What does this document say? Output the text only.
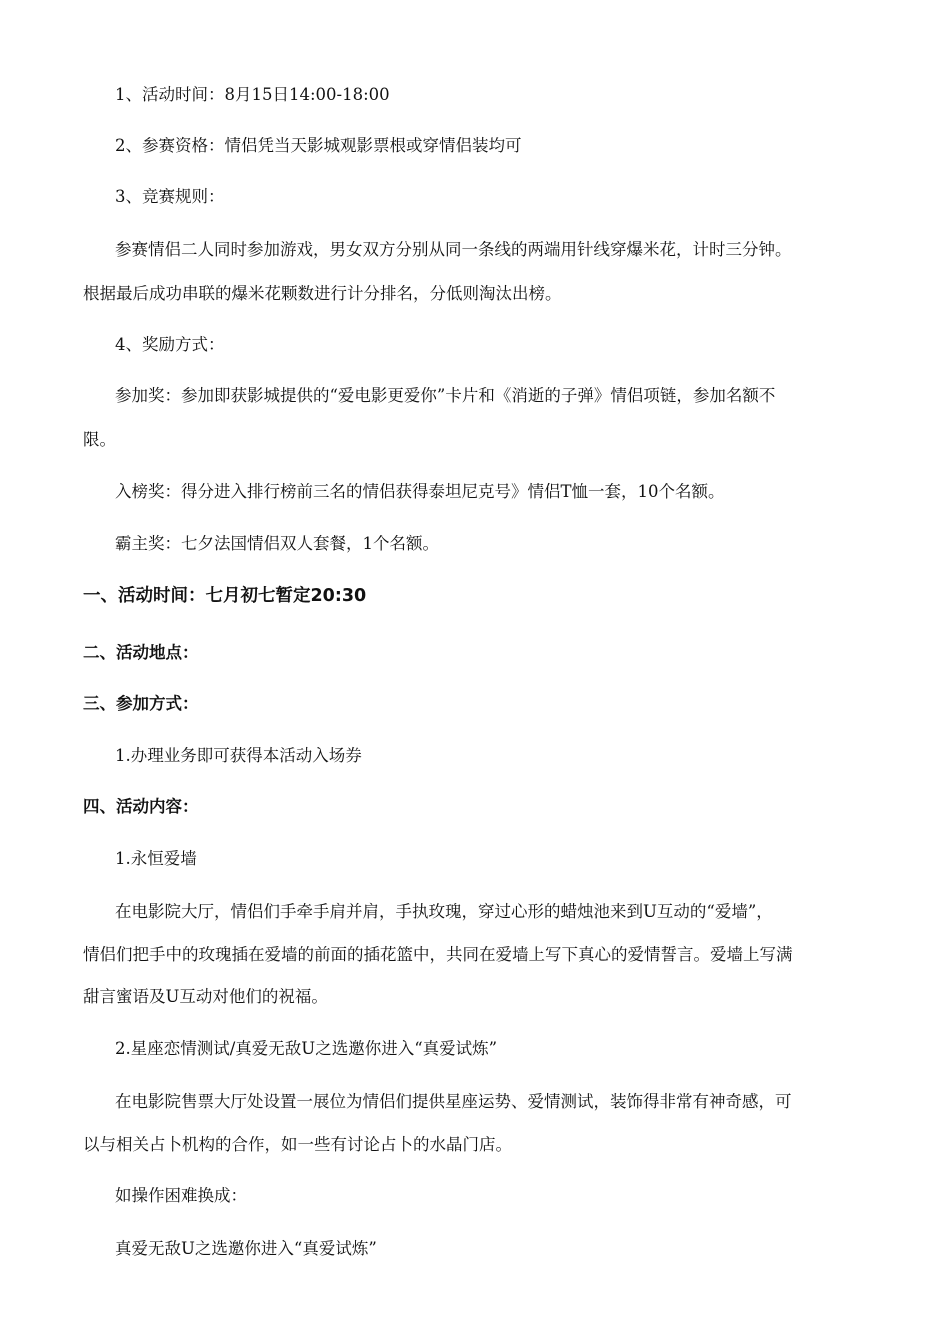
1、活动时间：8月15日14:00-18:00
2、参赛资格：情侣凭当天影城观影票根或穿情侣装均可
3、竞赛规则：
参赛情侣二人同时参加游戏，男女双方分别从同一条线的两端用针线穿爆米花，计时三分钟。
根据最后成功串联的爆米花颗数进行计分排名，分低则淘汰出榜。
4、奖励方式：
参加奖：参加即获影城提供的“爱电影更爱你”卡片和《消逝的子弹》情侣项链，参加名额不
限。
入榜奖：得分进入排行榜前三名的情侣获得泰坦尼克号》情侣T恤一套，10个名额。
霸主奖：七夕法国情侣双人套餐，1个名额。
一、活动时间：七月初七暂定20:30
二、活动地点：
三、参加方式：
1.办理业务即可获得本活动入场券
四、活动内容：
1.永恒爱墙
在电影院大厅，情侣们手牵手肩并肩，手执玫瑰，穿过心形的蜡烛池来到U互动的“爱墙”，
情侣们把手中的玫瑰插在爱墙的前面的插花篮中，共同在爱墙上写下真心的爱情誓言。爱墙上写满
甜言蜜语及U互动对他们的祝福。
2.星座恋情测试/真爱无敌U之选邀你进入“真爱试炼”
在电影院售票大厅处设置一展位为情侣们提供星座运势、爱情测试，装饰得非常有神奇感，可
以与相关占卜机构的合作，如一些有讨论占卜的水晶门店。
如操作困难换成：
真爱无敌U之选邀你进入“真爱试炼”
